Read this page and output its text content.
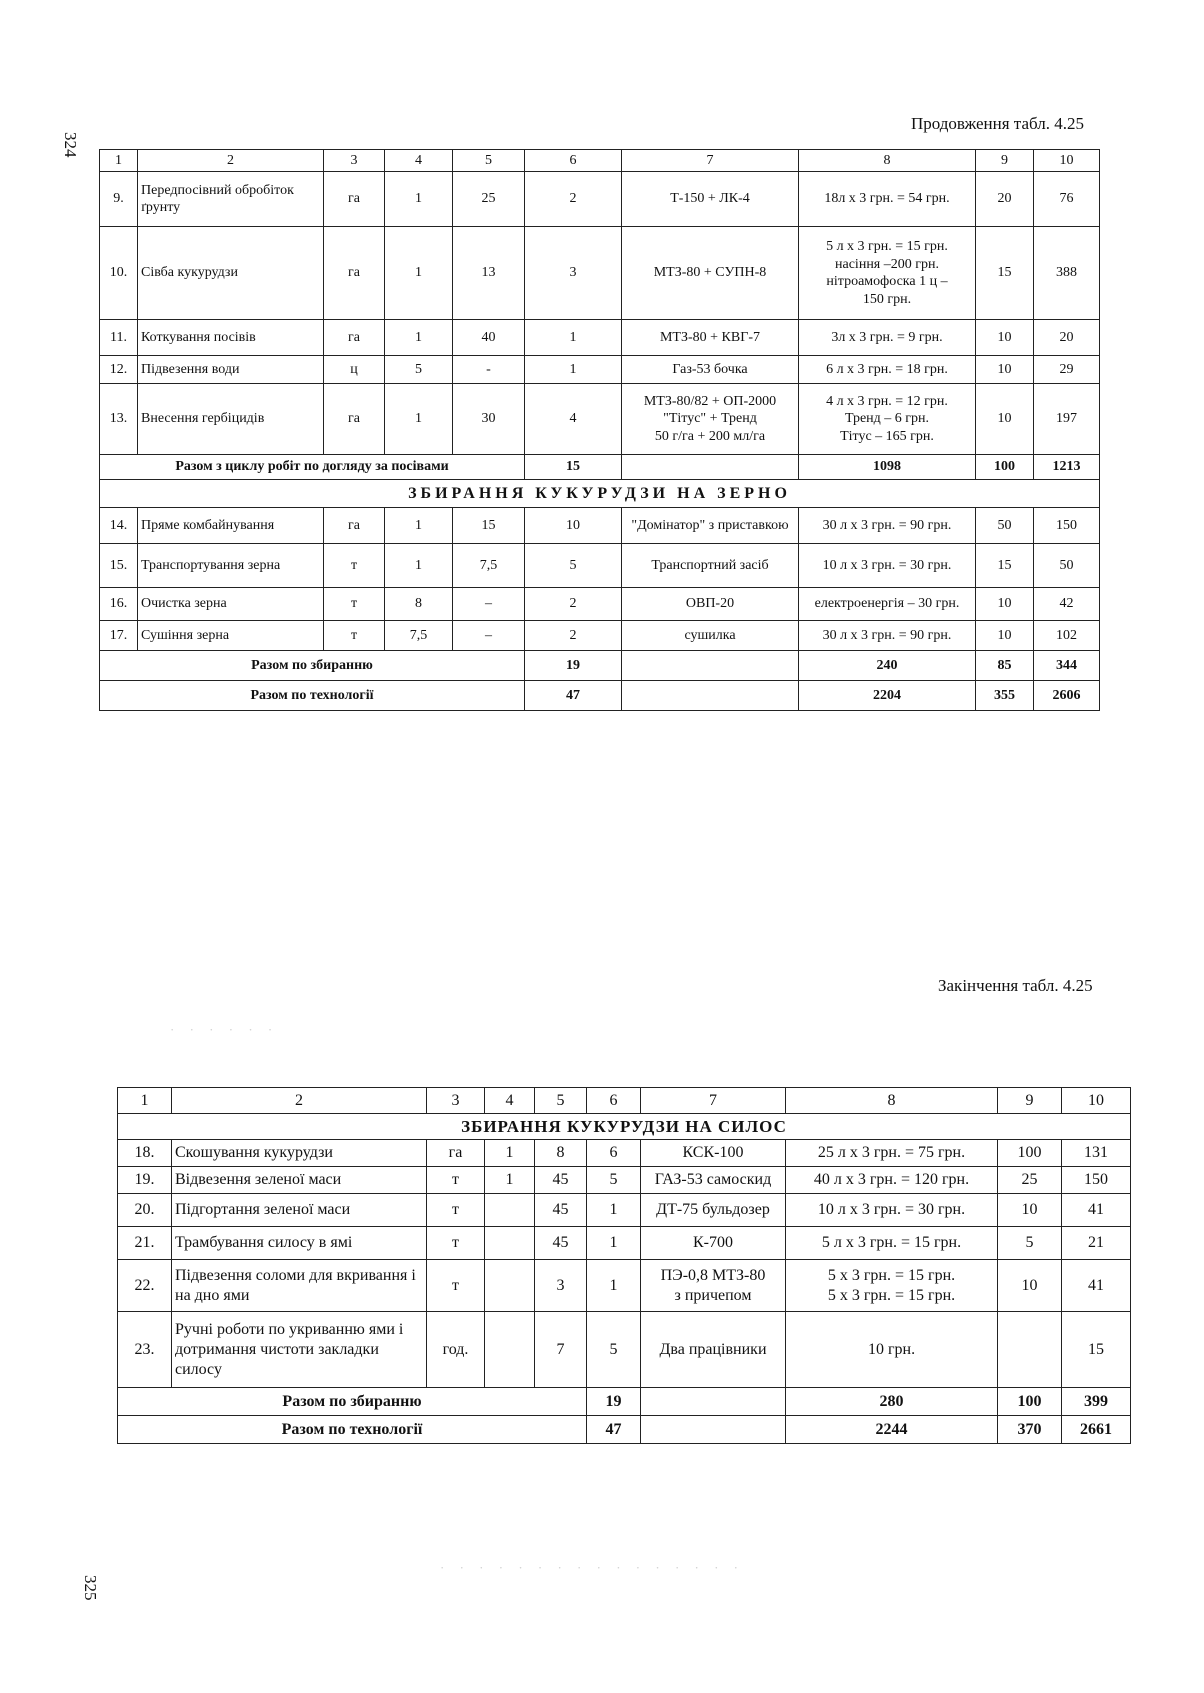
324
Продовження табл. 4.25
1	2	3	4	5	6	7	8	9	10
9.	Передпосівний обробіток ґрунту	га	1	25	2	Т-150 + ЛК-4	18л x 3 грн. = 54 грн.	20	76
10.	Сівба кукурудзи	га	1	13	3	МТЗ-80 + СУПН-8	5 л x 3 грн. = 15 грн.
насіння –200 грн.
нітроамофоска 1 ц –
150 грн.	15	388
11.	Коткування посівів	га	1	40	1	МТЗ-80 + КВГ-7	3л x 3 грн. = 9 грн.	10	20
12.	Підвезення води	ц	5	-	1	Газ-53 бочка	6 л x 3 грн. = 18 грн.	10	29
13.	Внесення гербіцидів	га	1	30	4	МТЗ-80/82 + ОП-2000
"Тітус" + Тренд
50 г/га + 200 мл/га	4 л x 3 грн. = 12 грн.
Тренд – 6 грн.
Тітус – 165 грн.	10	197
Разом з циклу робіт по догляду за посівами					15		1098	100	1213
ЗБИРАННЯ КУКУРУДЗИ НА ЗЕРНО									
14.	Пряме комбайнування	га	1	15	10	"Домінатор" з приставкою	30 л x 3 грн. = 90 грн.	50	150
15.	Транспортування зерна	т	1	7,5	5	Транспортний засіб	10 л x 3 грн. = 30 грн.	15	50
16.	Очистка зерна	т	8	–	2	ОВП-20	електроенергія – 30 грн.	10	42
17.	Сушіння зерна	т	7,5	–	2	сушилка	30 л x 3 грн. = 90 грн.	10	102
Разом по збиранню					19		240	85	344
Разом по технології					47		2204	355	2606
Закінчення табл. 4.25
1	2	3	4	5	6	7	8	9	10
ЗБИРАННЯ КУКУРУДЗИ НА СИЛОС									
18.	Скошування кукурудзи	га	1	8	6	КСК-100	25 л x 3 грн. = 75 грн.	100	131
19.	Відвезення зеленої маси	т	1	45	5	ГАЗ-53 самоскид	40 л x 3 грн. = 120 грн.	25	150
20.	Підгортання зеленої маси	т		45	1	ДТ-75 бульдозер	10 л x 3 грн. = 30 грн.	10	41
21.	Трамбування силосу в ямі	т		45	1	К-700	5 л x 3 грн. = 15 грн.	5	21
22.	Підвезення соломи для вкривання і на дно ями	т		3	1	ПЭ-0,8 МТЗ-80
з причепом	5 x 3 грн. = 15 грн.
5 x 3 грн. = 15 грн.	10	41
23.	Ручні роботи по укриванню ями і дотримання чистоти закладки силосу	год.		7	5	Два працівники	10 грн.		15
Разом по збиранню					19		280	100	399
Разом по технології					47		2244	370	2661
325
· · · · · ·
· · · · · · · · · · · · · · · ·
